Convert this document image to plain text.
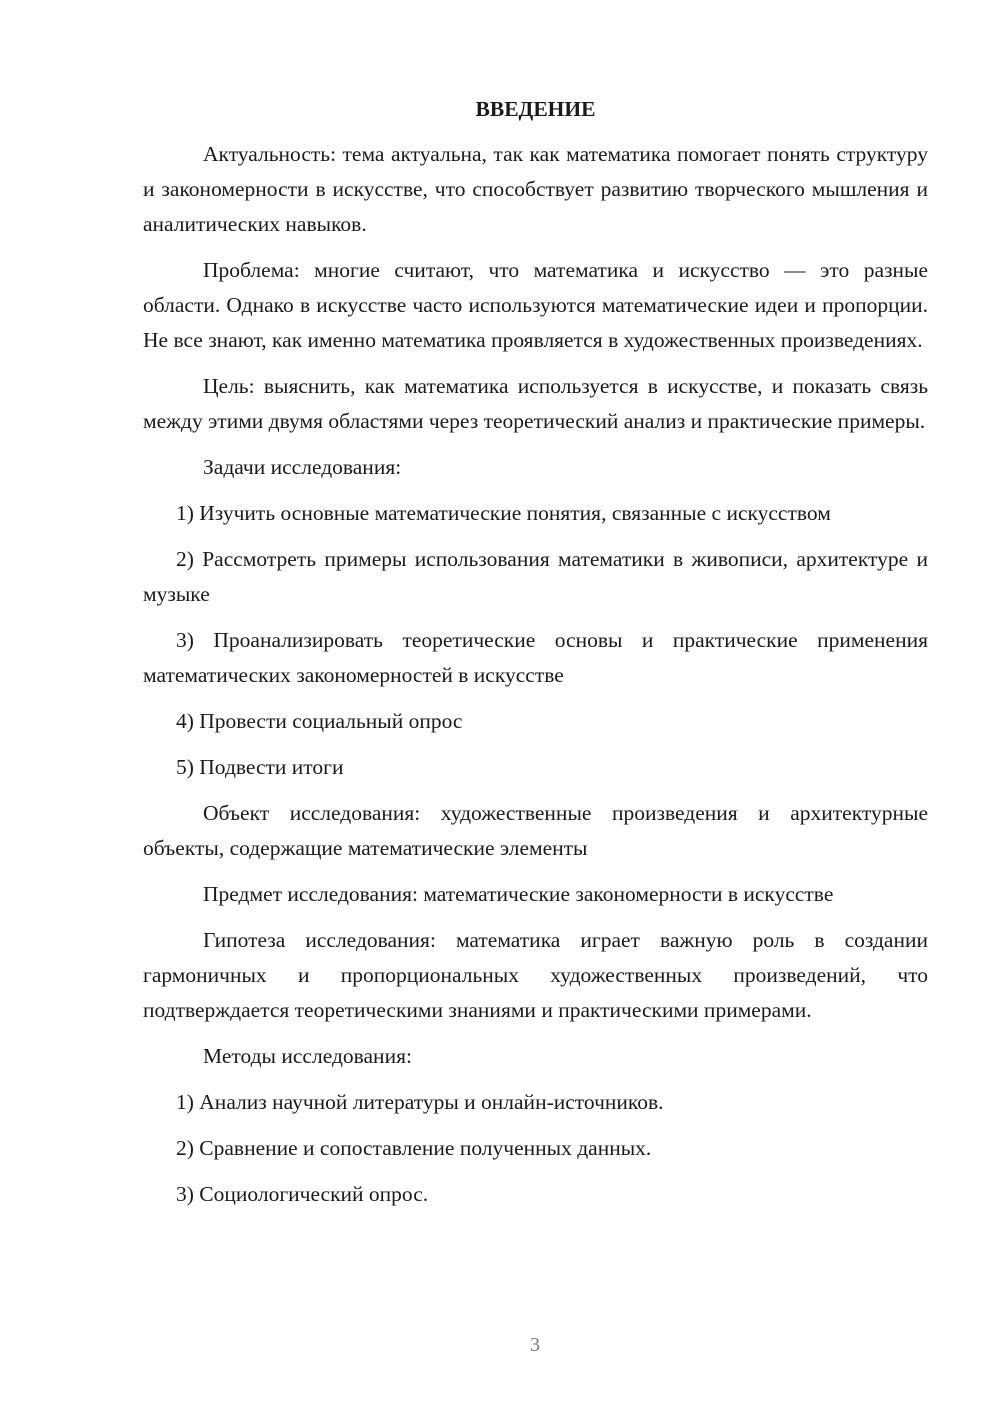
ВВЕДЕНИЕ

Актуальность: тема актуальна, так как математика помогает понять структуру и закономерности в искусстве, что способствует развитию творческого мышления и аналитических навыков.

Проблема: многие считают, что математика и искусство — это разные области. Однако в искусстве часто используются математические идеи и пропорции. Не все знают, как именно математика проявляется в художественных произведениях.

Цель: выяснить, как математика используется в искусстве, и показать связь между этими двумя областями через теоретический анализ и практические примеры.

Задачи исследования:

1) Изучить основные математические понятия, связанные с искусством

2) Рассмотреть примеры использования математики в живописи, архитектуре и музыке

3) Проанализировать теоретические основы и практические применения математических закономерностей в искусстве

4) Провести социальный опрос

5) Подвести итоги

Объект исследования: художественные произведения и архитектурные объекты, содержащие математические элементы

Предмет исследования: математические закономерности в искусстве

Гипотеза исследования: математика играет важную роль в создании гармоничных и пропорциональных художественных произведений, что подтверждается теоретическими знаниями и практическими примерами.

Методы исследования:

1) Анализ научной литературы и онлайн-источников.

2) Сравнение и сопоставление полученных данных.

3) Социологический опрос.

3
